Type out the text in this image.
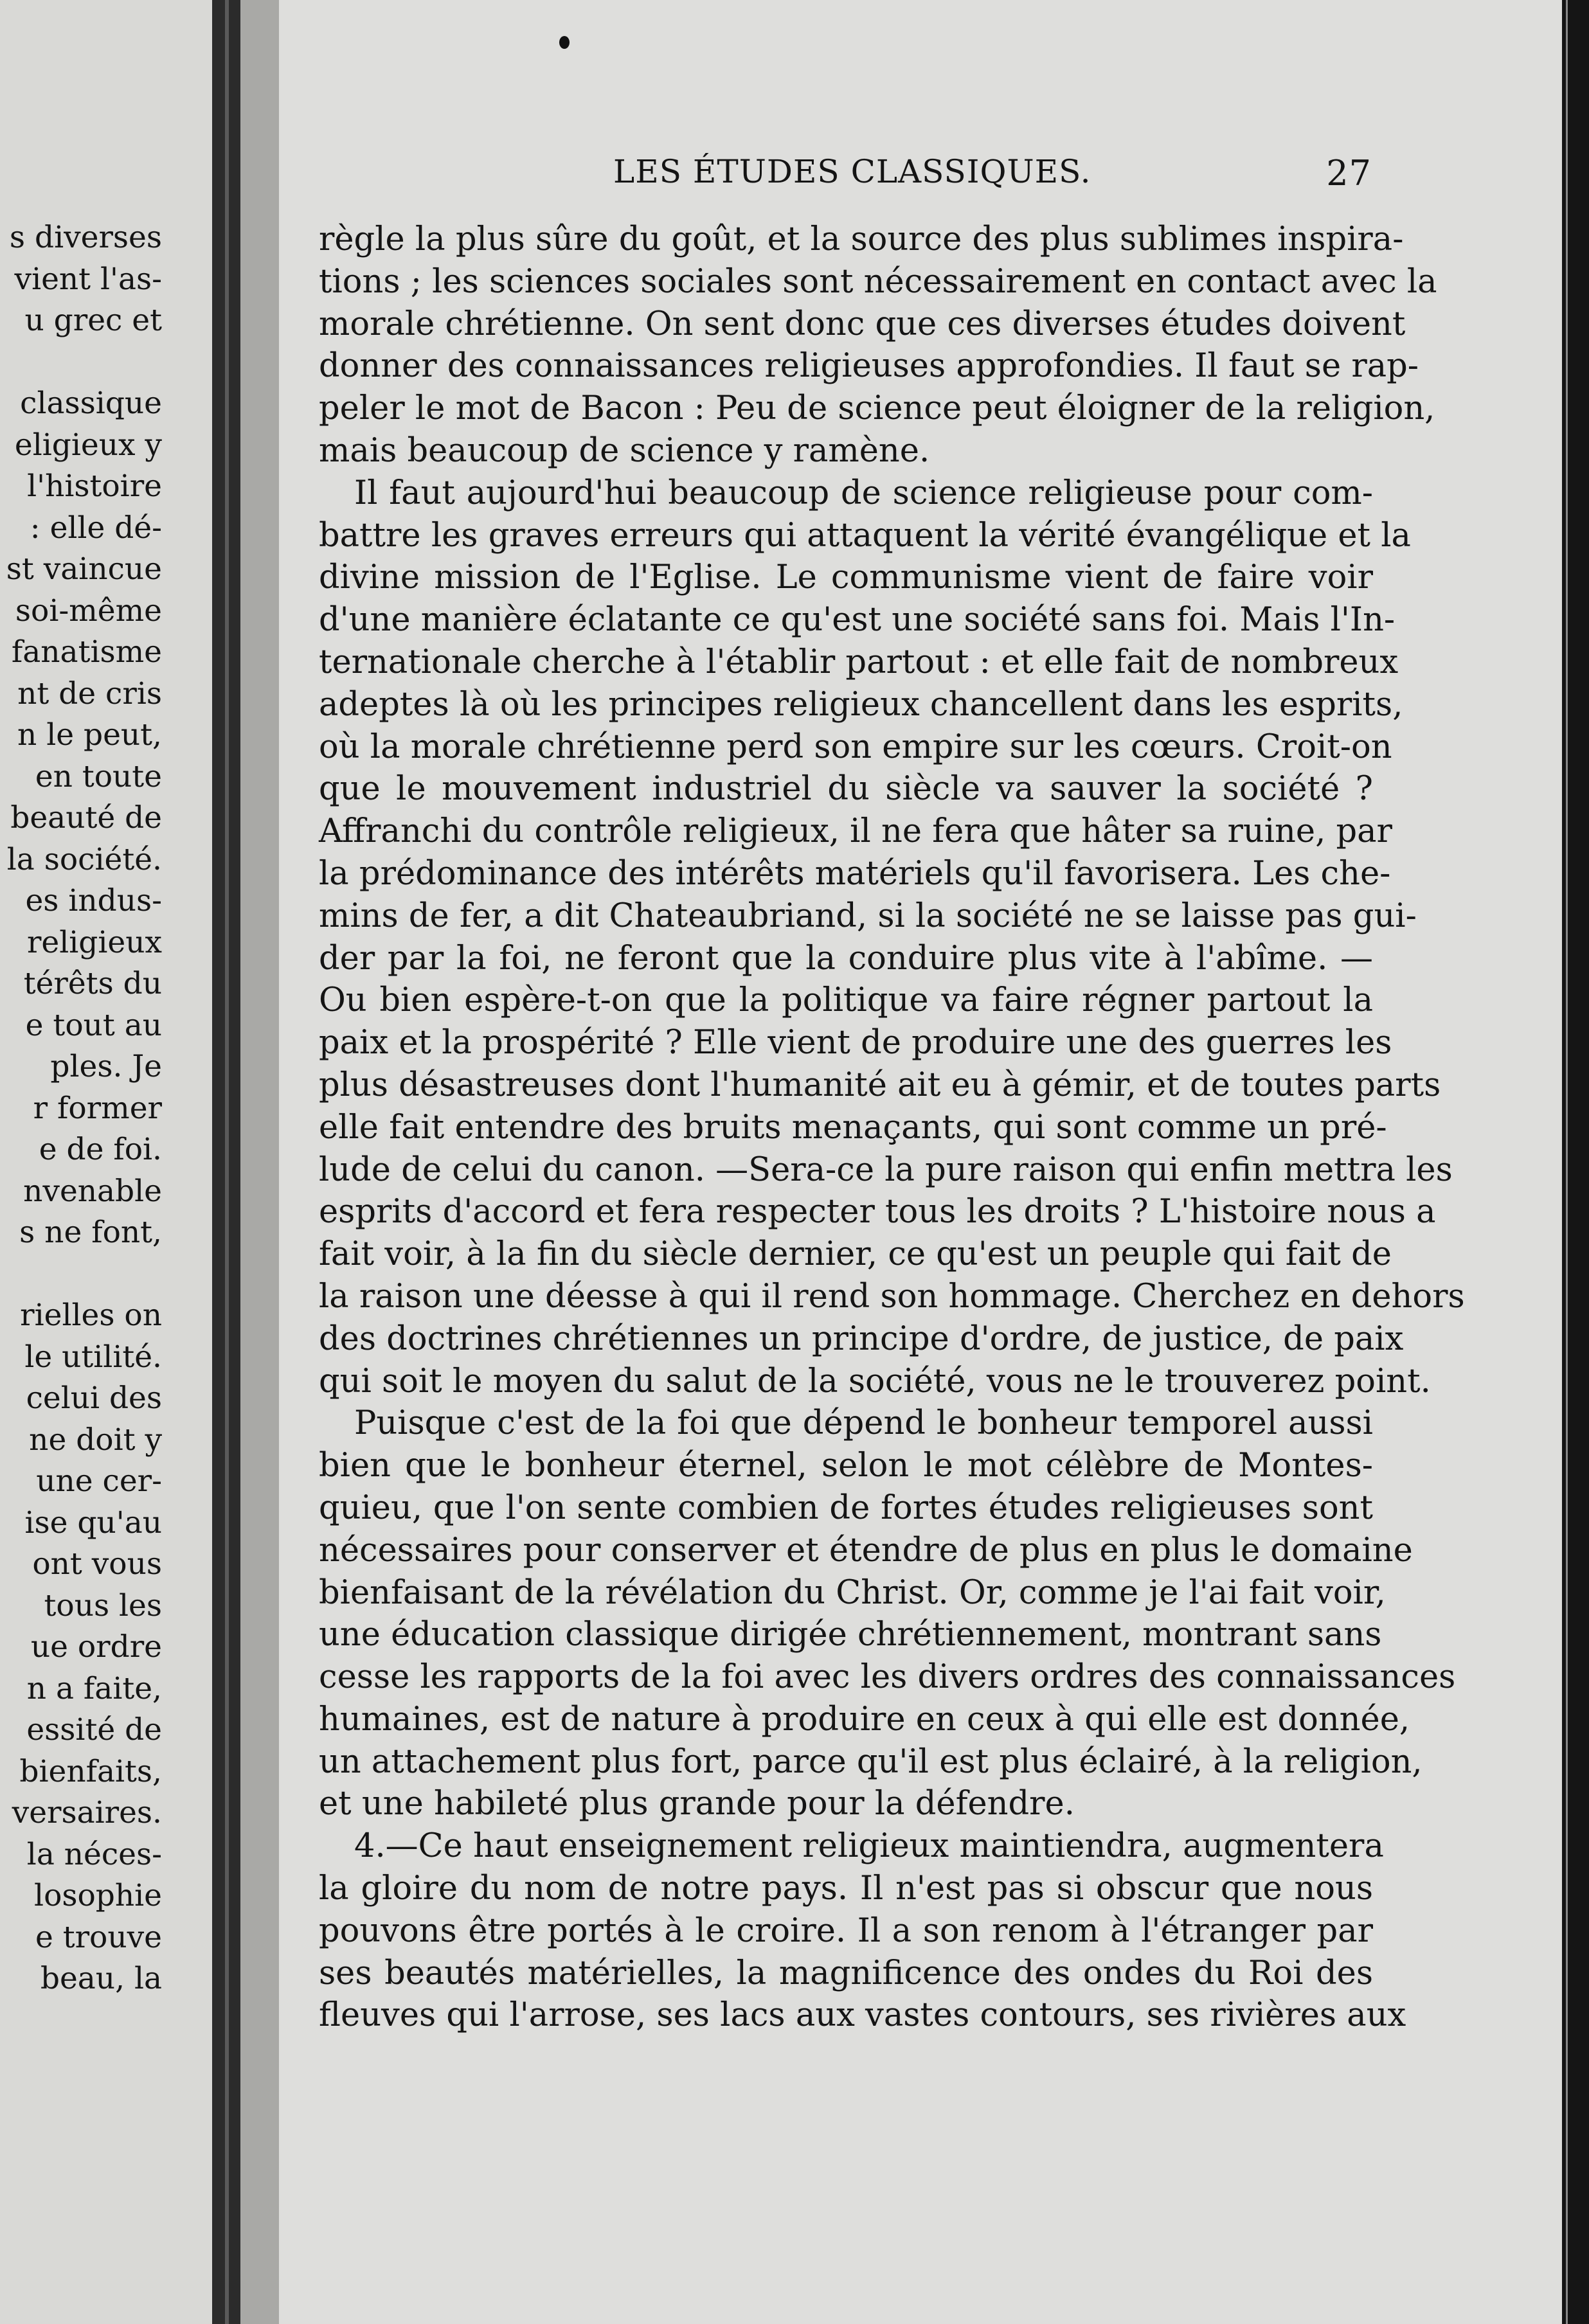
s diverses
vient l'as-
u grec et
classique
eligieux y
l'histoire
: elle dé-
st vaincue
soi-même
fanatisme
nt de cris
n le peut,
en toute
beauté de
la société.
es indus-
religieux
térêts du
e tout au
ples. Je
r former
e de foi.
nvenable
s ne font,
rielles on
le utilité.
celui des
ne doit y
une cer-
ise qu'au
ont vous
tous les
ue ordre
n a faite,
essité de
bienfaits,
versaires.
la néces-
losophie
e trouve
beau, la
LES ÉTUDES CLASSIQUES.	27
règle la plus sûre du goût, et la source des plus sublimes inspira-
tions ; les sciences sociales sont nécessairement en contact avec la
morale chrétienne. On sent donc que ces diverses études doivent
donner des connaissances religieuses approfondies. Il faut se rap-
peler le mot de Bacon : Peu de science peut éloigner de la religion,
mais beaucoup de science y ramène.
Il faut aujourd'hui beaucoup de science religieuse pour com-
battre les graves erreurs qui attaquent la vérité évangélique et la
divine mission de l'Eglise. Le communisme vient de faire voir
d'une manière éclatante ce qu'est une société sans foi. Mais l'In-
ternationale cherche à l'établir partout : et elle fait de nombreux
adeptes là où les principes religieux chancellent dans les esprits,
où la morale chrétienne perd son empire sur les cœurs. Croit-on
que le mouvement industriel du siècle va sauver la société ?
Affranchi du contrôle religieux, il ne fera que hâter sa ruine, par
la prédominance des intérêts matériels qu'il favorisera. Les che-
mins de fer, a dit Chateaubriand, si la société ne se laisse pas gui-
der par la foi, ne feront que la conduire plus vite à l'abîme. —
Ou bien espère-t-on que la politique va faire régner partout la
paix et la prospérité ? Elle vient de produire une des guerres les
plus désastreuses dont l'humanité ait eu à gémir, et de toutes parts
elle fait entendre des bruits menaçants, qui sont comme un pré-
lude de celui du canon. —Sera-ce la pure raison qui enfin mettra les
esprits d'accord et fera respecter tous les droits ? L'histoire nous a
fait voir, à la fin du siècle dernier, ce qu'est un peuple qui fait de
la raison une déesse à qui il rend son hommage. Cherchez en dehors
des doctrines chrétiennes un principe d'ordre, de justice, de paix
qui soit le moyen du salut de la société, vous ne le trouverez point.
Puisque c'est de la foi que dépend le bonheur temporel aussi
bien que le bonheur éternel, selon le mot célèbre de Montes-
quieu, que l'on sente combien de fortes études religieuses sont
nécessaires pour conserver et étendre de plus en plus le domaine
bienfaisant de la révélation du Christ. Or, comme je l'ai fait voir,
une éducation classique dirigée chrétiennement, montrant sans
cesse les rapports de la foi avec les divers ordres des connaissances
humaines, est de nature à produire en ceux à qui elle est donnée,
un attachement plus fort, parce qu'il est plus éclairé, à la religion,
et une habileté plus grande pour la défendre.
4.—Ce haut enseignement religieux maintiendra, augmentera
la gloire du nom de notre pays. Il n'est pas si obscur que nous
pouvons être portés à le croire. Il a son renom à l'étranger par
ses beautés matérielles, la magnificence des ondes du Roi des
fleuves qui l'arrose, ses lacs aux vastes contours, ses rivières aux
